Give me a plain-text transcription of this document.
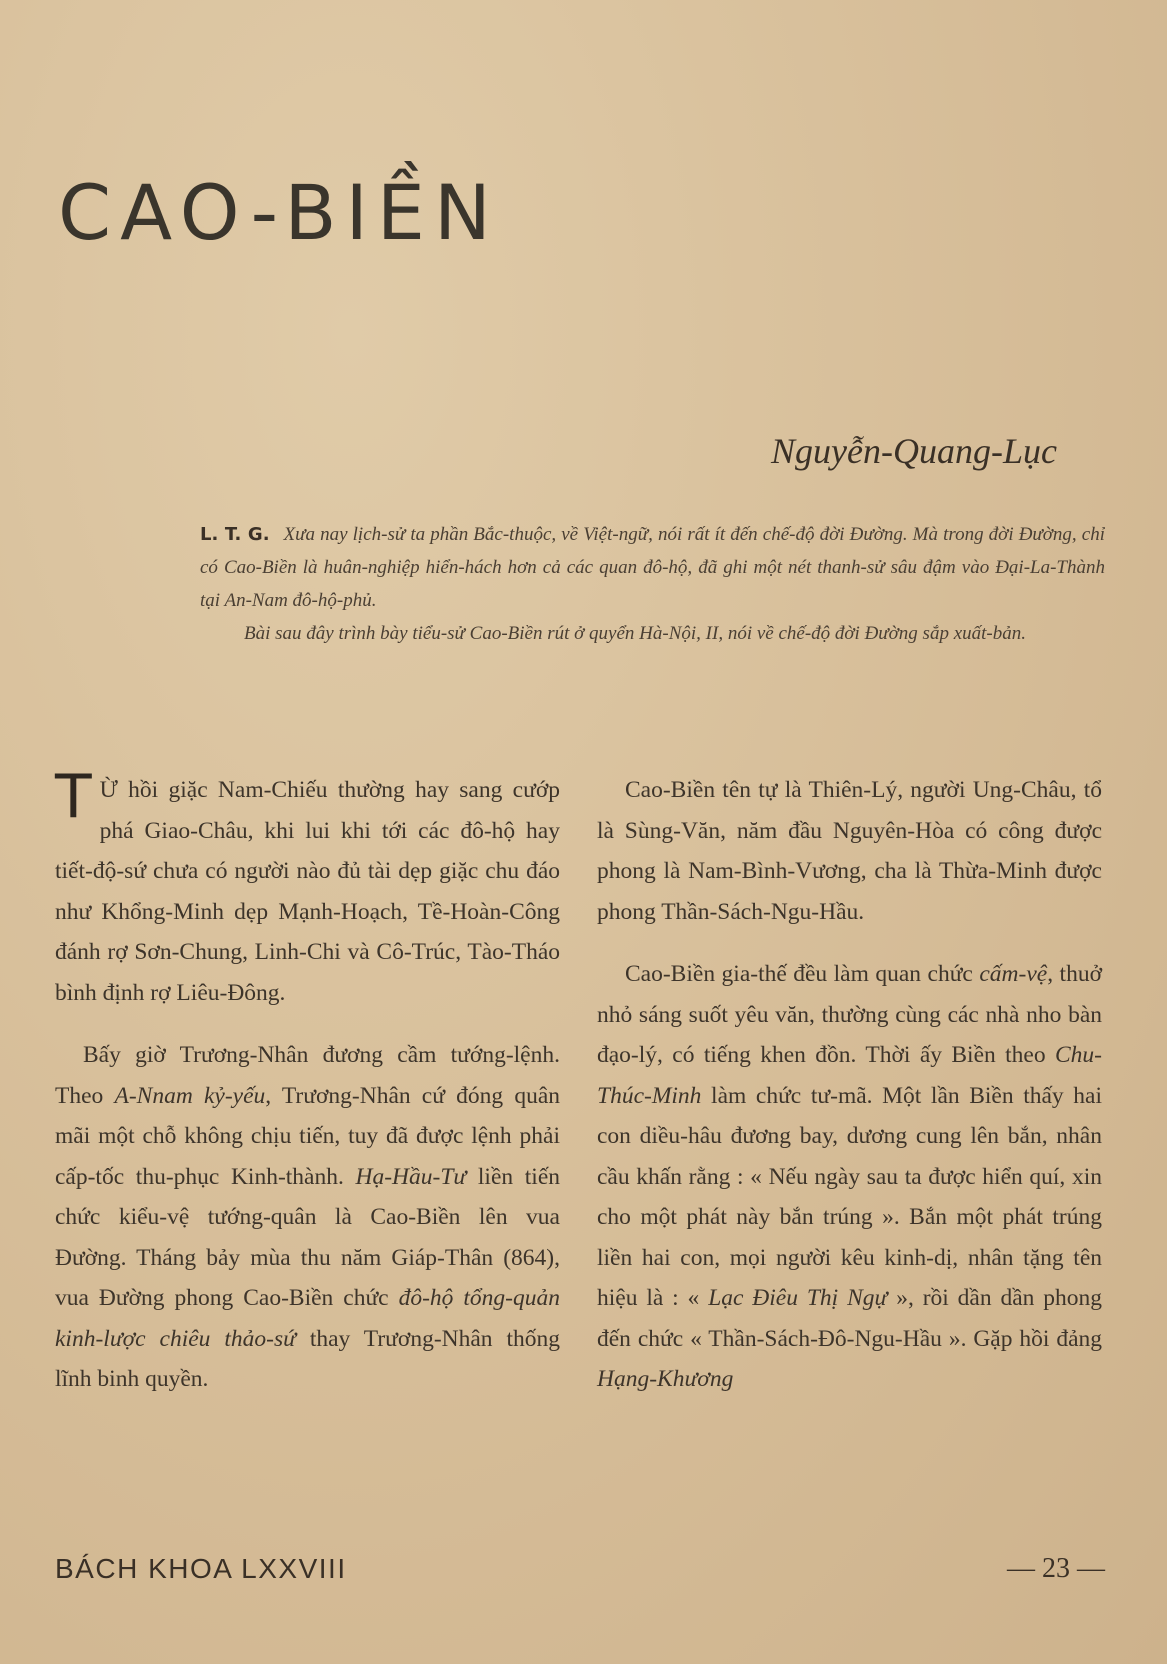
CAO-BIỀN
Nguyễn-Quang-Lục

L. T. G. Xưa nay lịch-sử ta phần Bắc-thuộc, về Việt-ngữ, nói rất ít đến chế-độ đời Đường. Mà trong đời Đường, chỉ có Cao-Biền là huân-nghiệp hiển-hách hơn cả các quan đô-hộ, đã ghi một nét thanh-sử sâu đậm vào Đại-La-Thành tại An-Nam đô-hộ-phủ.

Bài sau đây trình bày tiểu-sử Cao-Biền rút ở quyển Hà-Nội, II, nói về chế-độ đời Đường sắp xuất-bản.

T Ừ hồi giặc Nam-Chiếu thường hay sang cướp phá Giao-Châu, khi lui khi tới các đô-hộ hay tiết-độ-sứ chưa có người nào đủ tài dẹp giặc chu đáo như Khổng-Minh dẹp Mạnh-Hoạch, Tề-Hoàn-Công đánh rợ Sơn-Chung, Linh-Chi và Cô-Trúc, Tào-Tháo bình định rợ Liêu-Đông.

Bấy giờ Trương-Nhân đương cầm tướng-lệnh. Theo A-Nnam kỷ-yếu, Trương-Nhân cứ đóng quân mãi một chỗ không chịu tiến, tuy đã được lệnh phải cấp-tốc thu-phục Kinh-thành. Hạ-Hầu-Tư liền tiến chức kiểu-vệ tướng-quân là Cao-Biền lên vua Đường. Tháng bảy mùa thu năm Giáp-Thân (864), vua Đường phong Cao-Biền chức đô-hộ tổng-quản kinh-lược chiêu thảo-sứ thay Trương-Nhân thống lĩnh binh quyền.

Cao-Biền tên tự là Thiên-Lý, người Ung-Châu, tổ là Sùng-Văn, năm đầu Nguyên-Hòa có công được phong là Nam-Bình-Vương, cha là Thừa-Minh được phong Thần-Sách-Ngu-Hầu.

Cao-Biền gia-thế đều làm quan chức cấm-vệ, thuở nhỏ sáng suốt yêu văn, thường cùng các nhà nho bàn đạo-lý, có tiếng khen đồn. Thời ấy Biền theo Chu-Thúc-Minh làm chức tư-mã. Một lần Biền thấy hai con diều-hâu đương bay, dương cung lên bắn, nhân cầu khấn rằng : « Nếu ngày sau ta được hiển quí, xin cho một phát này bắn trúng ». Bắn một phát trúng liền hai con, mọi người kêu kinh-dị, nhân tặng tên hiệu là : « Lạc Điêu Thị Ngự », rồi dần dần phong đến chức « Thần-Sách-Đô-Ngu-Hầu ». Gặp hồi đảng Hạng-Khương

BÁCH KHOA LXXVIII	— 23 —
